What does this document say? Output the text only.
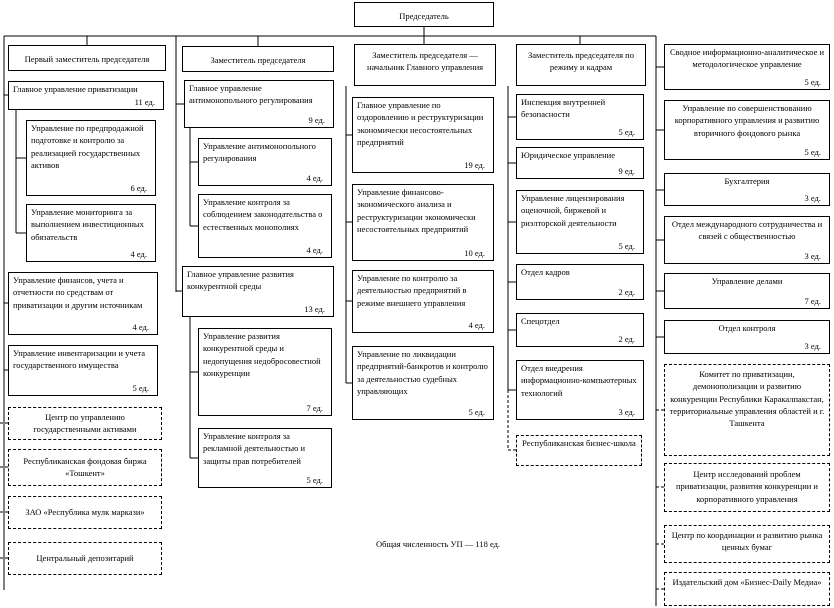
Председатель
Первый заместитель председателя	Заместитель председателя	Заместитель председателя — начальник Главного управления
Заместитель председателя по режиму и кадрам
Главное управление приватизации
11 ед.
Управление по предпродажной подготовке и контролю за реализацией государственных активов
6 ед.
Управление мониторинга за выполнением инвестиционных обязательств
4 ед.
Управление финансов, учета и отчетности по средствам от приватизации и другим источникам
4 ед.
Управление инвентаризации и учета государственного имущества
5 ед.
Центр по управлению государственными активами
Республиканская фондовая биржа «Тошкент»
ЗАО «Республика мулк маркази»
Центральный депозитарий
Главное управление антимонопольного регулирования
9 ед.
Управление антимонопольного регулирования
4 ед.
Управление контроля за соблюдением законодательства о естественных монополиях
4 ед.
Главное управление развития конкурентной среды
13 ед.
Управление развития конкурентной среды и недопущения недобросовестной конкуренции
7 ед.
Управление контроля за рекламной деятельностью и защиты прав потребителей
5 ед.
Главное управление по оздоровлению и реструктуризации экономически несостоятельных предприятий
19 ед.
Управление финансово-экономического анализа и реструктуризации экономически несостоятельных предприятий
10 ед.
Управление по контролю за деятельностью предприятий в режиме внешнего управления
4 ед.
Управление по ликвидации предприятий-банкротов и контролю за деятельностью судебных управляющих
5 ед.
Инспекция внутренней безопасности
5 ед.
Юридическое управление
9 ед.
Управление лицензирования оценочной, биржевой и риэлторской деятельности
5 ед.
Отдел кадров
2 ед.
Спецотдел
2 ед.
Отдел внедрения информационно-компьютерных технологий
3 ед.
Республиканская бизнес-школа
Сводное информационно-аналитическое и методологическое управление
5 ед.
Управление по совершенствованию корпоративного управления и развитию вторичного фондового рынка
5 ед.
Бухгалтерия
3 ед.
Отдел международного сотрудничества и связей с общественностью
3 ед.
Управление делами
7 ед.
Отдел контроля
3 ед.
Комитет по приватизации, демонополизации и развитию конкуренции Республики Каракалпакстан, территориальные управления областей и г. Ташкента
Центр исследований проблем приватизации, развития конкуренции и корпоративного управления
Центр по координации и развитию рынка ценных бумаг
Издательский дом «Бизнес-Daily Медиа»
Общая численность УП — 118 ед.
